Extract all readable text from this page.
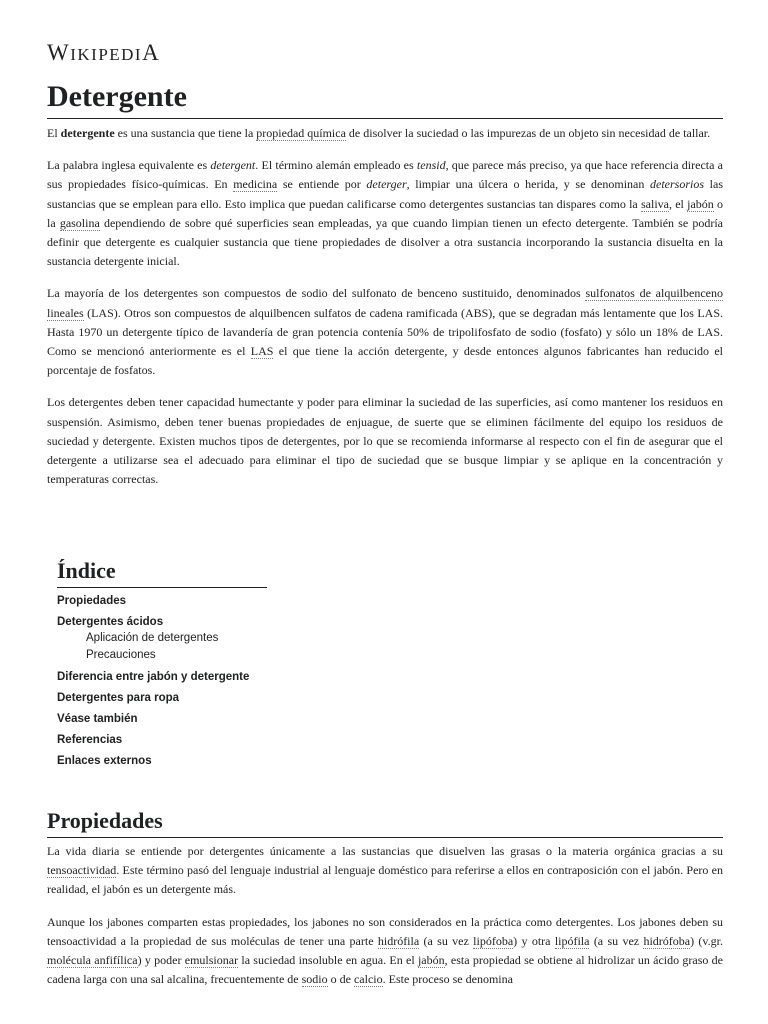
WIKIPEDIA
Detergente

El detergente es una sustancia que tiene la propiedad química de disolver la suciedad o las impurezas de un objeto sin necesidad de tallar.

La palabra inglesa equivalente es detergent. El término alemán empleado es tensid, que parece más preciso, ya que hace referencia directa a sus propiedades físico-químicas. En medicina se entiende por deterger, limpiar una úlcera o herida, y se denominan detersorios las sustancias que se emplean para ello. Esto implica que puedan calificarse como detergentes sustancias tan dispares como la saliva, el jabón o la gasolina dependiendo de sobre qué superficies sean empleadas, ya que cuando limpian tienen un efecto detergente. También se podría definir que detergente es cualquier sustancia que tiene propiedades de disolver a otra sustancia incorporando la sustancia disuelta en la sustancia detergente inicial.

La mayoría de los detergentes son compuestos de sodio del sulfonato de benceno sustituido, denominados sulfonatos de alquilbenceno lineales (LAS). Otros son compuestos de alquilbencen sulfatos de cadena ramificada (ABS), que se degradan más lentamente que los LAS. Hasta 1970 un detergente típico de lavandería de gran potencia contenía 50% de tripolifosfato de sodio (fosfato) y sólo un 18% de LAS. Como se mencionó anteriormente es el LAS el que tiene la acción detergente, y desde entonces algunos fabricantes han reducido el porcentaje de fosfatos.

Los detergentes deben tener capacidad humectante y poder para eliminar la suciedad de las superficies, así como mantener los residuos en suspensión. Asimismo, deben tener buenas propiedades de enjuague, de suerte que se eliminen fácilmente del equipo los residuos de suciedad y detergente. Existen muchos tipos de detergentes, por lo que se recomienda informarse al respecto con el fin de asegurar que el detergente a utilizarse sea el adecuado para eliminar el tipo de suciedad que se busque limpiar y se aplique en la concentración y temperaturas correctas.

Índice
Propiedades
Detergentes ácidos
Aplicación de detergentes
Precauciones
Diferencia entre jabón y detergente
Detergentes para ropa
Véase también
Referencias
Enlaces externos
Propiedades

La vida diaria se entiende por detergentes únicamente a las sustancias que disuelven las grasas o la materia orgánica gracias a su tensoactividad. Este término pasó del lenguaje industrial al lenguaje doméstico para referirse a ellos en contraposición con el jabón. Pero en realidad, el jabón es un detergente más.

Aunque los jabones comparten estas propiedades, los jabones no son considerados en la práctica como detergentes. Los jabones deben su tensoactividad a la propiedad de sus moléculas de tener una parte hidrófila (a su vez lipófoba) y otra lipófila (a su vez hidrófoba) (v.gr. molécula anfifílica) y poder emulsionar la suciedad insoluble en agua. En el jabón, esta propiedad se obtiene al hidrolizar un ácido graso de cadena larga con una sal alcalina, frecuentemente de sodio o de calcio. Este proceso se denomina
